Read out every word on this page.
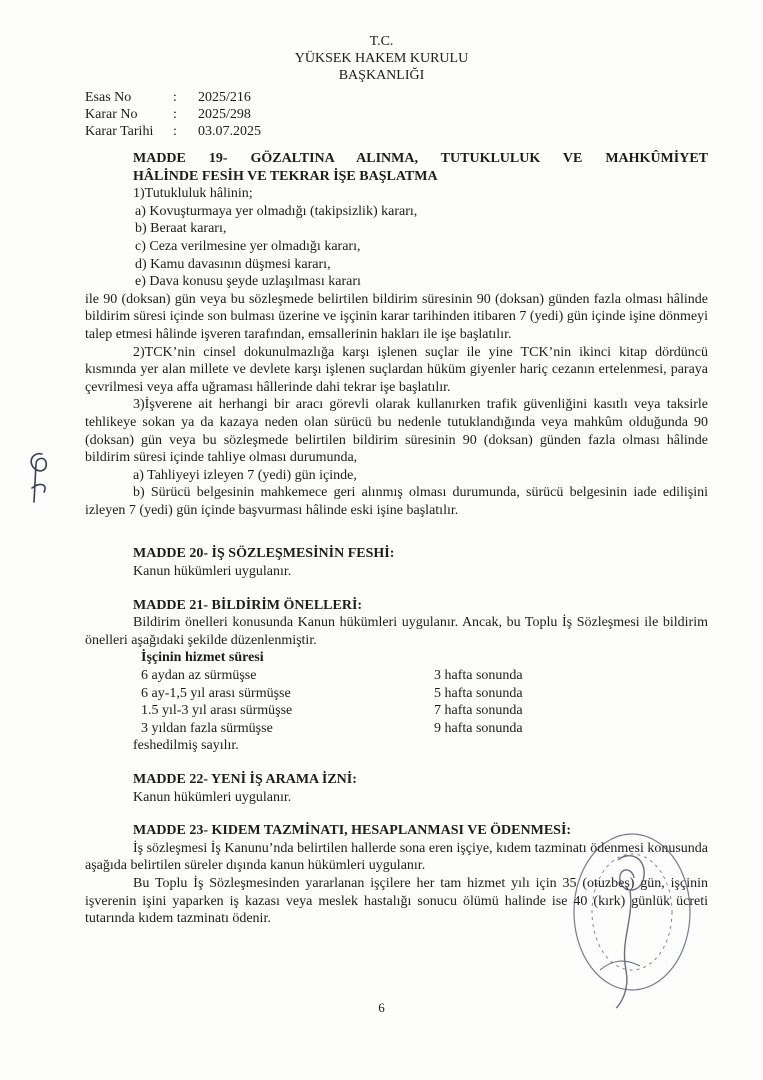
T.C.
YÜKSEK HAKEM KURULU
BAŞKANLIĞI
Esas No	:	2025/216
Karar No	:	2025/298
Karar Tarihi	:	03.07.2025
MADDE 19- GÖZALTINA ALINMA, TUTUKLULUK VE MAHKÛMİYET
HÂLİNDE FESİH VE TEKRAR İŞE BAŞLATMA
1)Tutukluluk hâlinin;
a) Kovuşturmaya yer olmadığı (takipsizlik) kararı,
b) Beraat kararı,
c) Ceza verilmesine yer olmadığı kararı,
d) Kamu davasının düşmesi kararı,
e) Dava konusu şeyde uzlaşılması kararı
ile 90 (doksan) gün veya bu sözleşmede belirtilen bildirim süresinin 90 (doksan) günden fazla olması hâlinde bildirim süresi içinde son bulması üzerine ve işçinin karar tarihinden itibaren 7 (yedi) gün içinde işine dönmeyi talep etmesi hâlinde işveren tarafından, emsallerinin hakları ile işe başlatılır.
2)TCK’nin cinsel dokunulmazlığa karşı işlenen suçlar ile yine TCK’nin ikinci kitap dördüncü kısmında yer alan millete ve devlete karşı işlenen suçlardan hüküm giyenler hariç cezanın ertelenmesi, paraya çevrilmesi veya affa uğraması hâllerinde dahi tekrar işe başlatılır.
3)İşverene ait herhangi bir aracı görevli olarak kullanırken trafik güvenliğini kasıtlı veya taksirle tehlikeye sokan ya da kazaya neden olan sürücü bu nedenle tutuklandığında veya mahkûm olduğunda 90 (doksan) gün veya bu sözleşmede belirtilen bildirim süresinin 90 (doksan) günden fazla olması hâlinde bildirim süresi içinde tahliye olması durumunda,
a) Tahliyeyi izleyen 7 (yedi) gün içinde,
b) Sürücü belgesinin mahkemece geri alınmış olması durumunda, sürücü belgesinin iade edilişini izleyen 7 (yedi) gün içinde başvurması hâlinde eski işine başlatılır.
MADDE 20- İŞ SÖZLEŞMESİNİN FESHİ:
Kanun hükümleri uygulanır.
MADDE 21- BİLDİRİM ÖNELLERİ:
Bildirim önelleri konusunda Kanun hükümleri uygulanır. Ancak, bu Toplu İş Sözleşmesi ile bildirim önelleri aşağıdaki şekilde düzenlenmiştir.
İşçinin hizmet süresi
6 aydan az sürmüşse	3 hafta sonunda
6 ay-1,5 yıl arası sürmüşse	5 hafta sonunda
1.5 yıl-3 yıl arası sürmüşse	7 hafta sonunda
3 yıldan fazla sürmüşse	9 hafta sonunda
feshedilmiş sayılır.
MADDE 22- YENİ İŞ ARAMA İZNİ:
Kanun hükümleri uygulanır.
MADDE 23- KIDEM TAZMİNATI, HESAPLANMASI VE ÖDENMESİ:
İş sözleşmesi İş Kanunu’nda belirtilen hallerde sona eren işçiye, kıdem tazminatı ödenmesi konusunda aşağıda belirtilen süreler dışında kanun hükümleri uygulanır.
Bu Toplu İş Sözleşmesinden yararlanan işçilere her tam hizmet yılı için 35 (otuzbeş) gün, işçinin işverenin işini yaparken iş kazası veya meslek hastalığı sonucu ölümü halinde ise 40 (kırk) günlük ücreti tutarında kıdem tazminatı ödenir.
6
